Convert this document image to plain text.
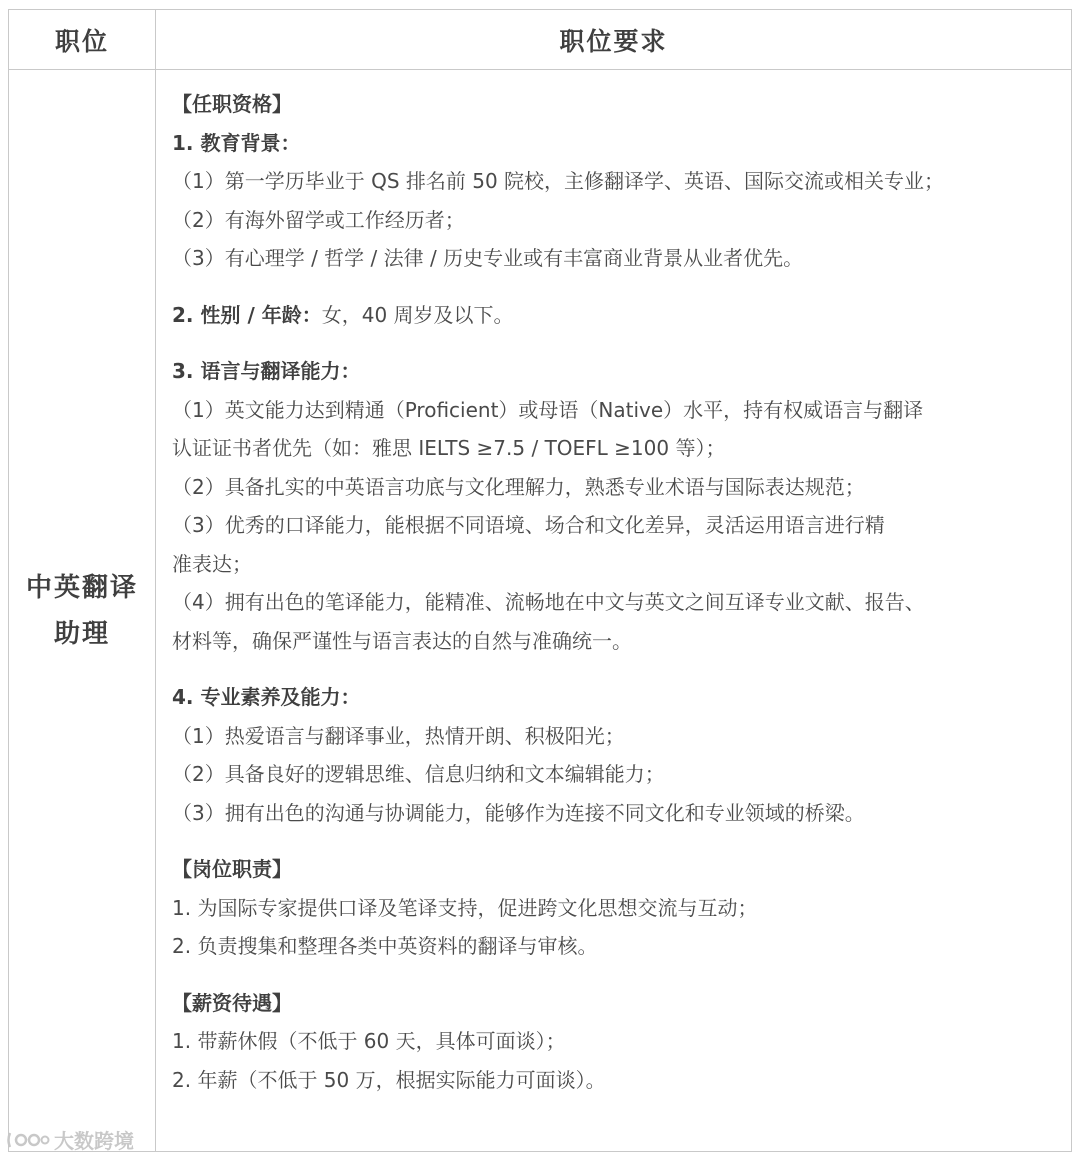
职位	职位要求
中英翻译
助理
【任职资格】
1. 教育背景：
（1）第一学历毕业于 QS 排名前 50 院校，主修翻译学、英语、国际交流或相关专业；
（2）有海外留学或工作经历者；
（3）有心理学 / 哲学 / 法律 / 历史专业或有丰富商业背景从业者优先。
2. 性别 / 年龄：女，40 周岁及以下。
3. 语言与翻译能力：
（1）英文能力达到精通（Proficient）或母语（Native）水平，持有权威语言与翻译
认证证书者优先（如：雅思 IELTS ≥7.5 / TOEFL ≥100 等）；
（2）具备扎实的中英语言功底与文化理解力，熟悉专业术语与国际表达规范；
（3）优秀的口译能力，能根据不同语境、场合和文化差异，灵活运用语言进行精
准表达；
（4）拥有出色的笔译能力，能精准、流畅地在中文与英文之间互译专业文献、报告、
材料等，确保严谨性与语言表达的自然与准确统一。
4. 专业素养及能力：
（1）热爱语言与翻译事业，热情开朗、积极阳光；
（2）具备良好的逻辑思维、信息归纳和文本编辑能力；
（3）拥有出色的沟通与协调能力，能够作为连接不同文化和专业领域的桥梁。
【岗位职责】
1. 为国际专家提供口译及笔译支持，促进跨文化思想交流与互动；
2. 负责搜集和整理各类中英资料的翻译与审核。
【薪资待遇】
1. 带薪休假（不低于 60 天，具体可面谈）；
2. 年薪（不低于 50 万，根据实际能力可面谈）。
大数跨境
